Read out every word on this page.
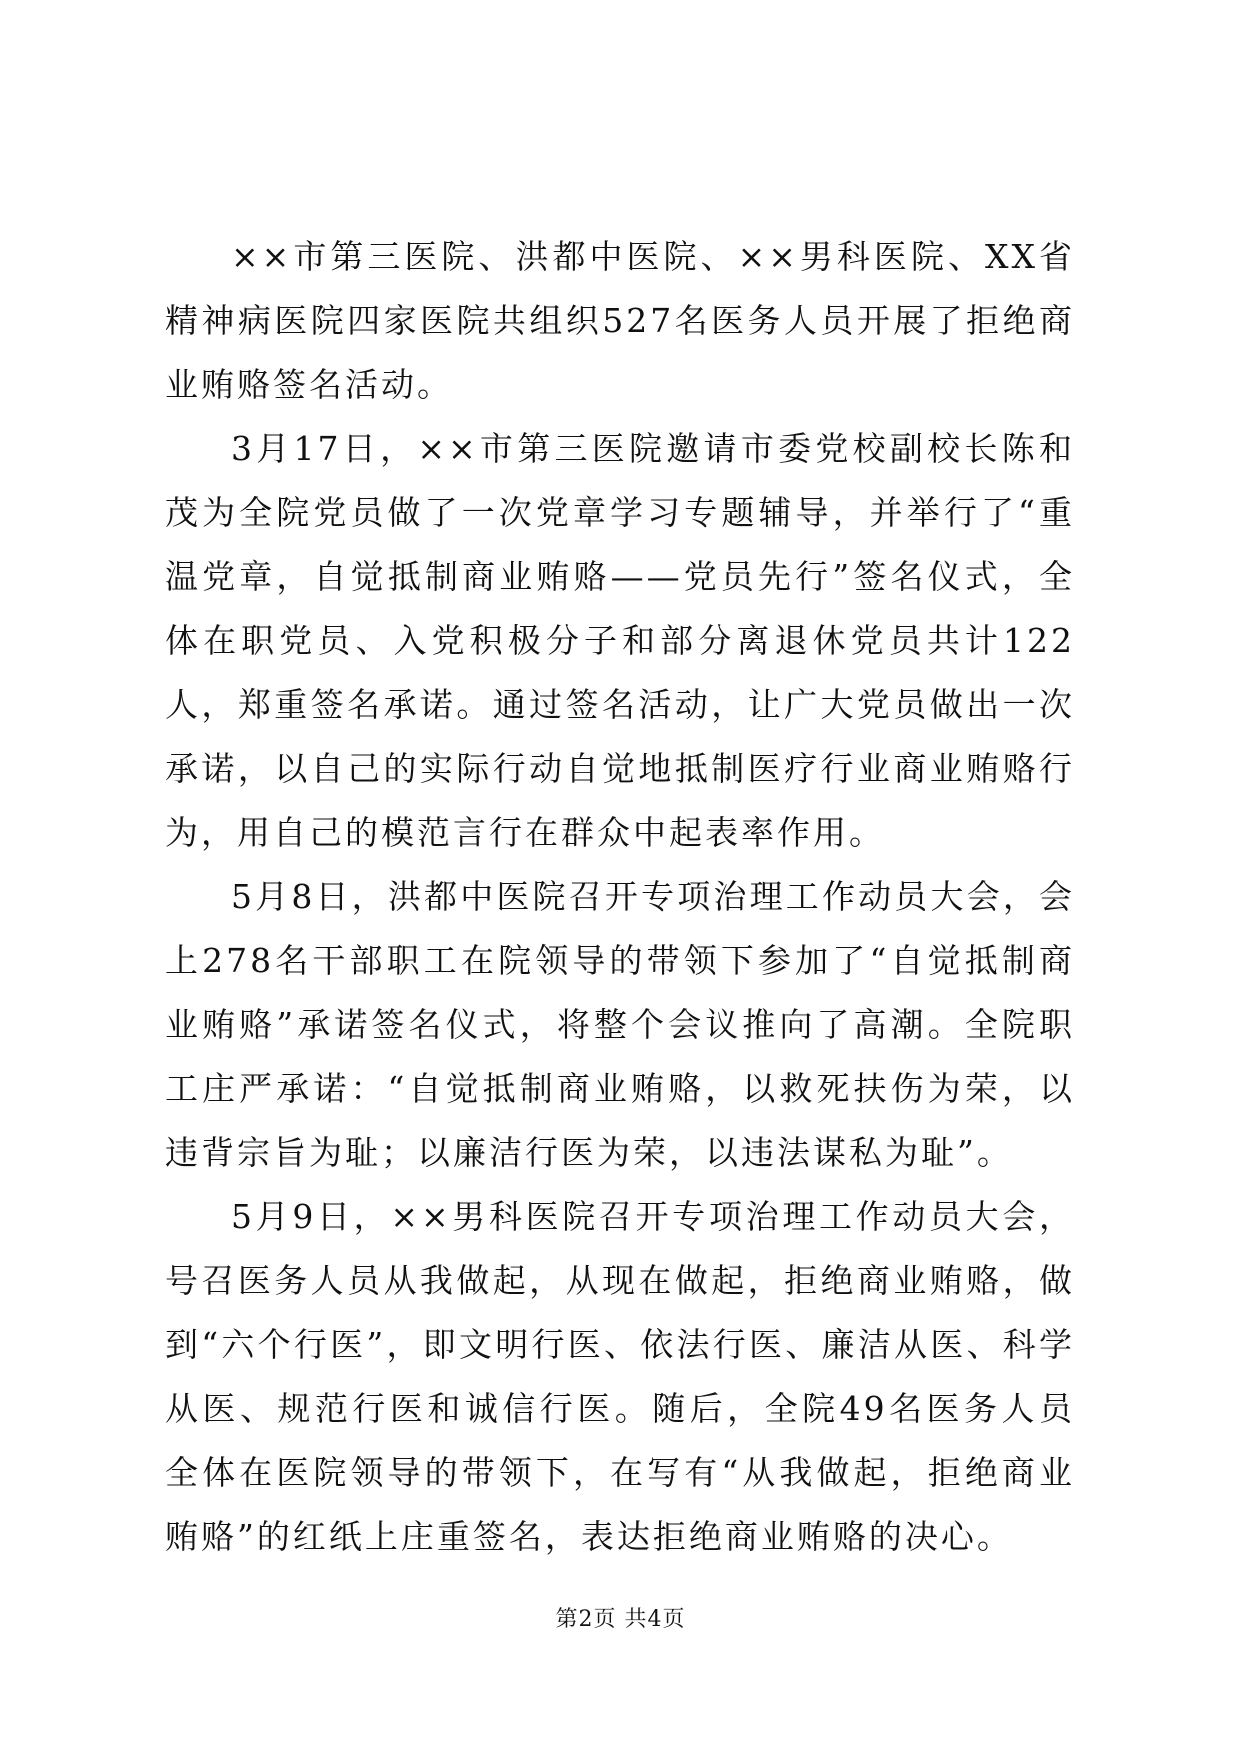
××市第三医院、洪都中医院、××男科医院、XX省精神病医院四家医院共组织527名医务人员开展了拒绝商业贿赂签名活动。

3月17日，××市第三医院邀请市委党校副校长陈和茂为全院党员做了一次党章学习专题辅导，并举行了“重温党章，自觉抵制商业贿赂——党员先行”签名仪式，全体在职党员、入党积极分子和部分离退休党员共计122人，郑重签名承诺。通过签名活动，让广大党员做出一次承诺，以自己的实际行动自觉地抵制医疗行业商业贿赂行为，用自己的模范言行在群众中起表率作用。

5月8日，洪都中医院召开专项治理工作动员大会，会上278名干部职工在院领导的带领下参加了“自觉抵制商业贿赂”承诺签名仪式，将整个会议推向了高潮。全院职工庄严承诺：“自觉抵制商业贿赂，以救死扶伤为荣，以违背宗旨为耻；以廉洁行医为荣，以违法谋私为耻”。

5月9日，××男科医院召开专项治理工作动员大会，号召医务人员从我做起，从现在做起，拒绝商业贿赂，做到“六个行医”，即文明行医、依法行医、廉洁从医、科学从医、规范行医和诚信行医。随后，全院49名医务人员全体在医院领导的带领下，在写有“从我做起，拒绝商业贿赂”的红纸上庄重签名，表达拒绝商业贿赂的决心。

第2页 共4页
